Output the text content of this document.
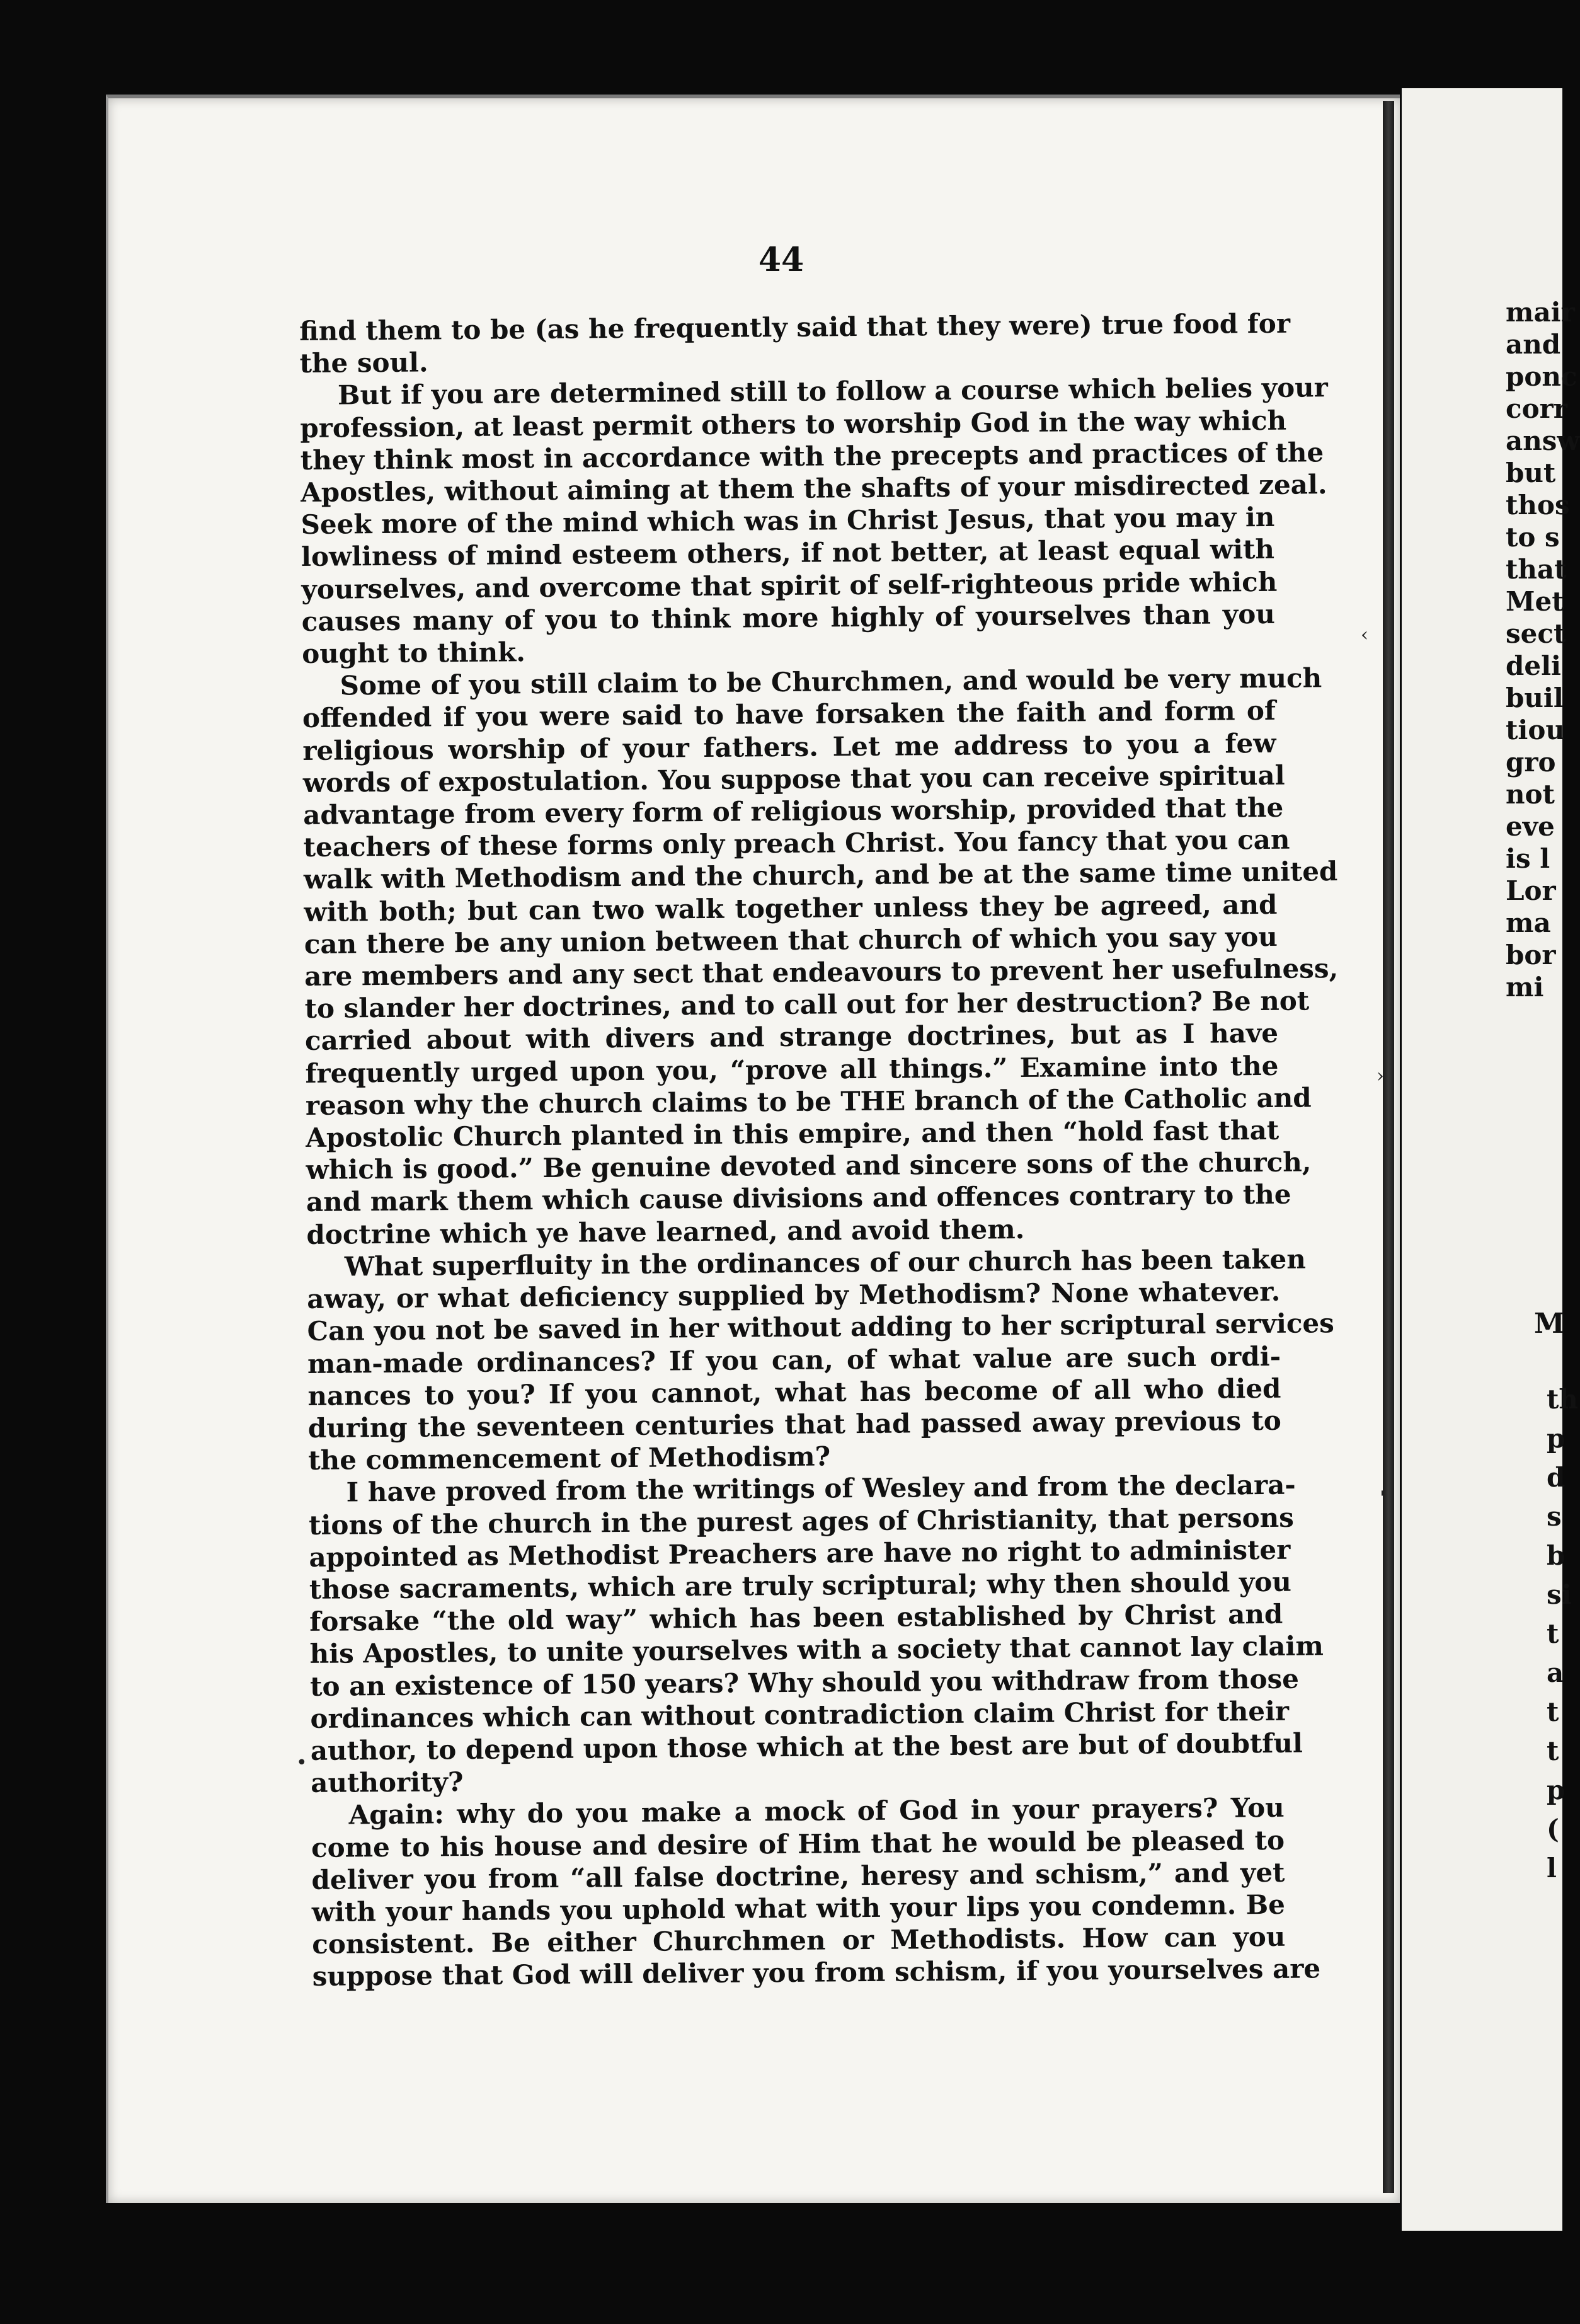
44
find them to be (as he frequently said that they were) true food for
the soul.
But if you are determined still to follow a course which belies your
profession, at least permit others to worship God in the way which
they think most in accordance with the precepts and practices of the
Apostles, without aiming at them the shafts of your misdirected zeal.
Seek more of the mind which was in Christ Jesus, that you may in
lowliness of mind esteem others, if not better, at least equal with
yourselves, and overcome that spirit of self-righteous pride which
causes many of you to think more highly of yourselves than you
ought to think.
Some of you still claim to be Churchmen, and would be very much
offended if you were said to have forsaken the faith and form of
religious worship of your fathers. Let me address to you a few
words of expostulation. You suppose that you can receive spiritual
advantage from every form of religious worship, provided that the
teachers of these forms only preach Christ. You fancy that you can
walk with Methodism and the church, and be at the same time united
with both; but can two walk together unless they be agreed, and
can there be any union between that church of which you say you
are members and any sect that endeavours to prevent her usefulness,
to slander her doctrines, and to call out for her destruction? Be not
carried about with divers and strange doctrines, but as I have
frequently urged upon you, “prove all things.” Examine into the
reason why the church claims to be THE branch of the Catholic and
Apostolic Church planted in this empire, and then “hold fast that
which is good.” Be genuine devoted and sincere sons of the church,
and mark them which cause divisions and offences contrary to the
doctrine which ye have learned, and avoid them.
What superfluity in the ordinances of our church has been taken
away, or what deficiency supplied by Methodism? None whatever.
Can you not be saved in her without adding to her scriptural services
man-made ordinances? If you can, of what value are such ordi-
nances to you? If you cannot, what has become of all who died
during the seventeen centuries that had passed away previous to
the commencement of Methodism?
I have proved from the writings of Wesley and from the declara-
tions of the church in the purest ages of Christianity, that persons
appointed as Methodist Preachers are have no right to administer
those sacraments, which are truly scriptural; why then should you
forsake “the old way” which has been established by Christ and
his Apostles, to unite yourselves with a society that cannot lay claim
to an existence of 150 years? Why should you withdraw from those
ordinances which can without contradiction claim Christ for their
author, to depend upon those which at the best are but of doubtful
authority?
Again: why do you make a mock of God in your prayers? You
come to his house and desire of Him that he would be pleased to
deliver you from “all false doctrine, heresy and schism,” and yet
with your hands you uphold what with your lips you condemn. Be
consistent. Be either Churchmen or Methodists. How can you
suppose that God will deliver you from schism, if you yourselves are
mair
and
ponc
corr
answ
but
thos
to s
that
Met
sect
deli
buil
tiou
gro
not
eve
is l
Lor
ma
bor
mi
M
th
p
d
s
b
si
t
a
t
t
p
(
l
‹
›
•
'
